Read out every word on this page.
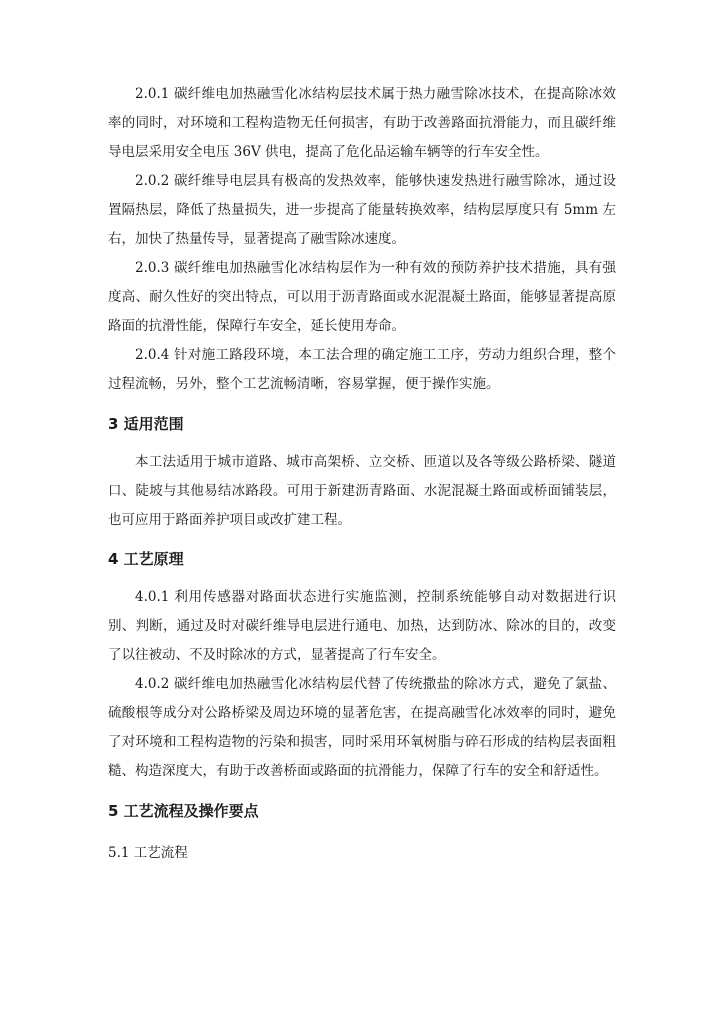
2.0.1 碳纤维电加热融雪化冰结构层技术属于热力融雪除冰技术，在提高除冰效率的同时，对环境和工程构造物无任何损害，有助于改善路面抗滑能力，而且碳纤维导电层采用安全电压 36V 供电，提高了危化品运输车辆等的行车安全性。

2.0.2 碳纤维导电层具有极高的发热效率，能够快速发热进行融雪除冰，通过设置隔热层，降低了热量损失，进一步提高了能量转换效率，结构层厚度只有 5mm 左右，加快了热量传导，显著提高了融雪除冰速度。

2.0.3 碳纤维电加热融雪化冰结构层作为一种有效的预防养护技术措施，具有强度高、耐久性好的突出特点，可以用于沥青路面或水泥混凝土路面，能够显著提高原路面的抗滑性能，保障行车安全，延长使用寿命。

2.0.4 针对施工路段环境，本工法合理的确定施工工序，劳动力组织合理，整个过程流畅，另外，整个工艺流畅清晰，容易掌握，便于操作实施。

3 适用范围

本工法适用于城市道路、城市高架桥、立交桥、匝道以及各等级公路桥梁、隧道口、陡坡与其他易结冰路段。可用于新建沥青路面、水泥混凝土路面或桥面铺装层，也可应用于路面养护项目或改扩建工程。

4 工艺原理

4.0.1 利用传感器对路面状态进行实施监测，控制系统能够自动对数据进行识别、判断，通过及时对碳纤维导电层进行通电、加热，达到防冰、除冰的目的，改变了以往被动、不及时除冰的方式，显著提高了行车安全。

4.0.2 碳纤维电加热融雪化冰结构层代替了传统撒盐的除冰方式，避免了氯盐、硫酸根等成分对公路桥梁及周边环境的显著危害，在提高融雪化冰效率的同时，避免了对环境和工程构造物的污染和损害，同时采用环氧树脂与碎石形成的结构层表面粗糙、构造深度大，有助于改善桥面或路面的抗滑能力，保障了行车的安全和舒适性。

5 工艺流程及操作要点

5.1 工艺流程
